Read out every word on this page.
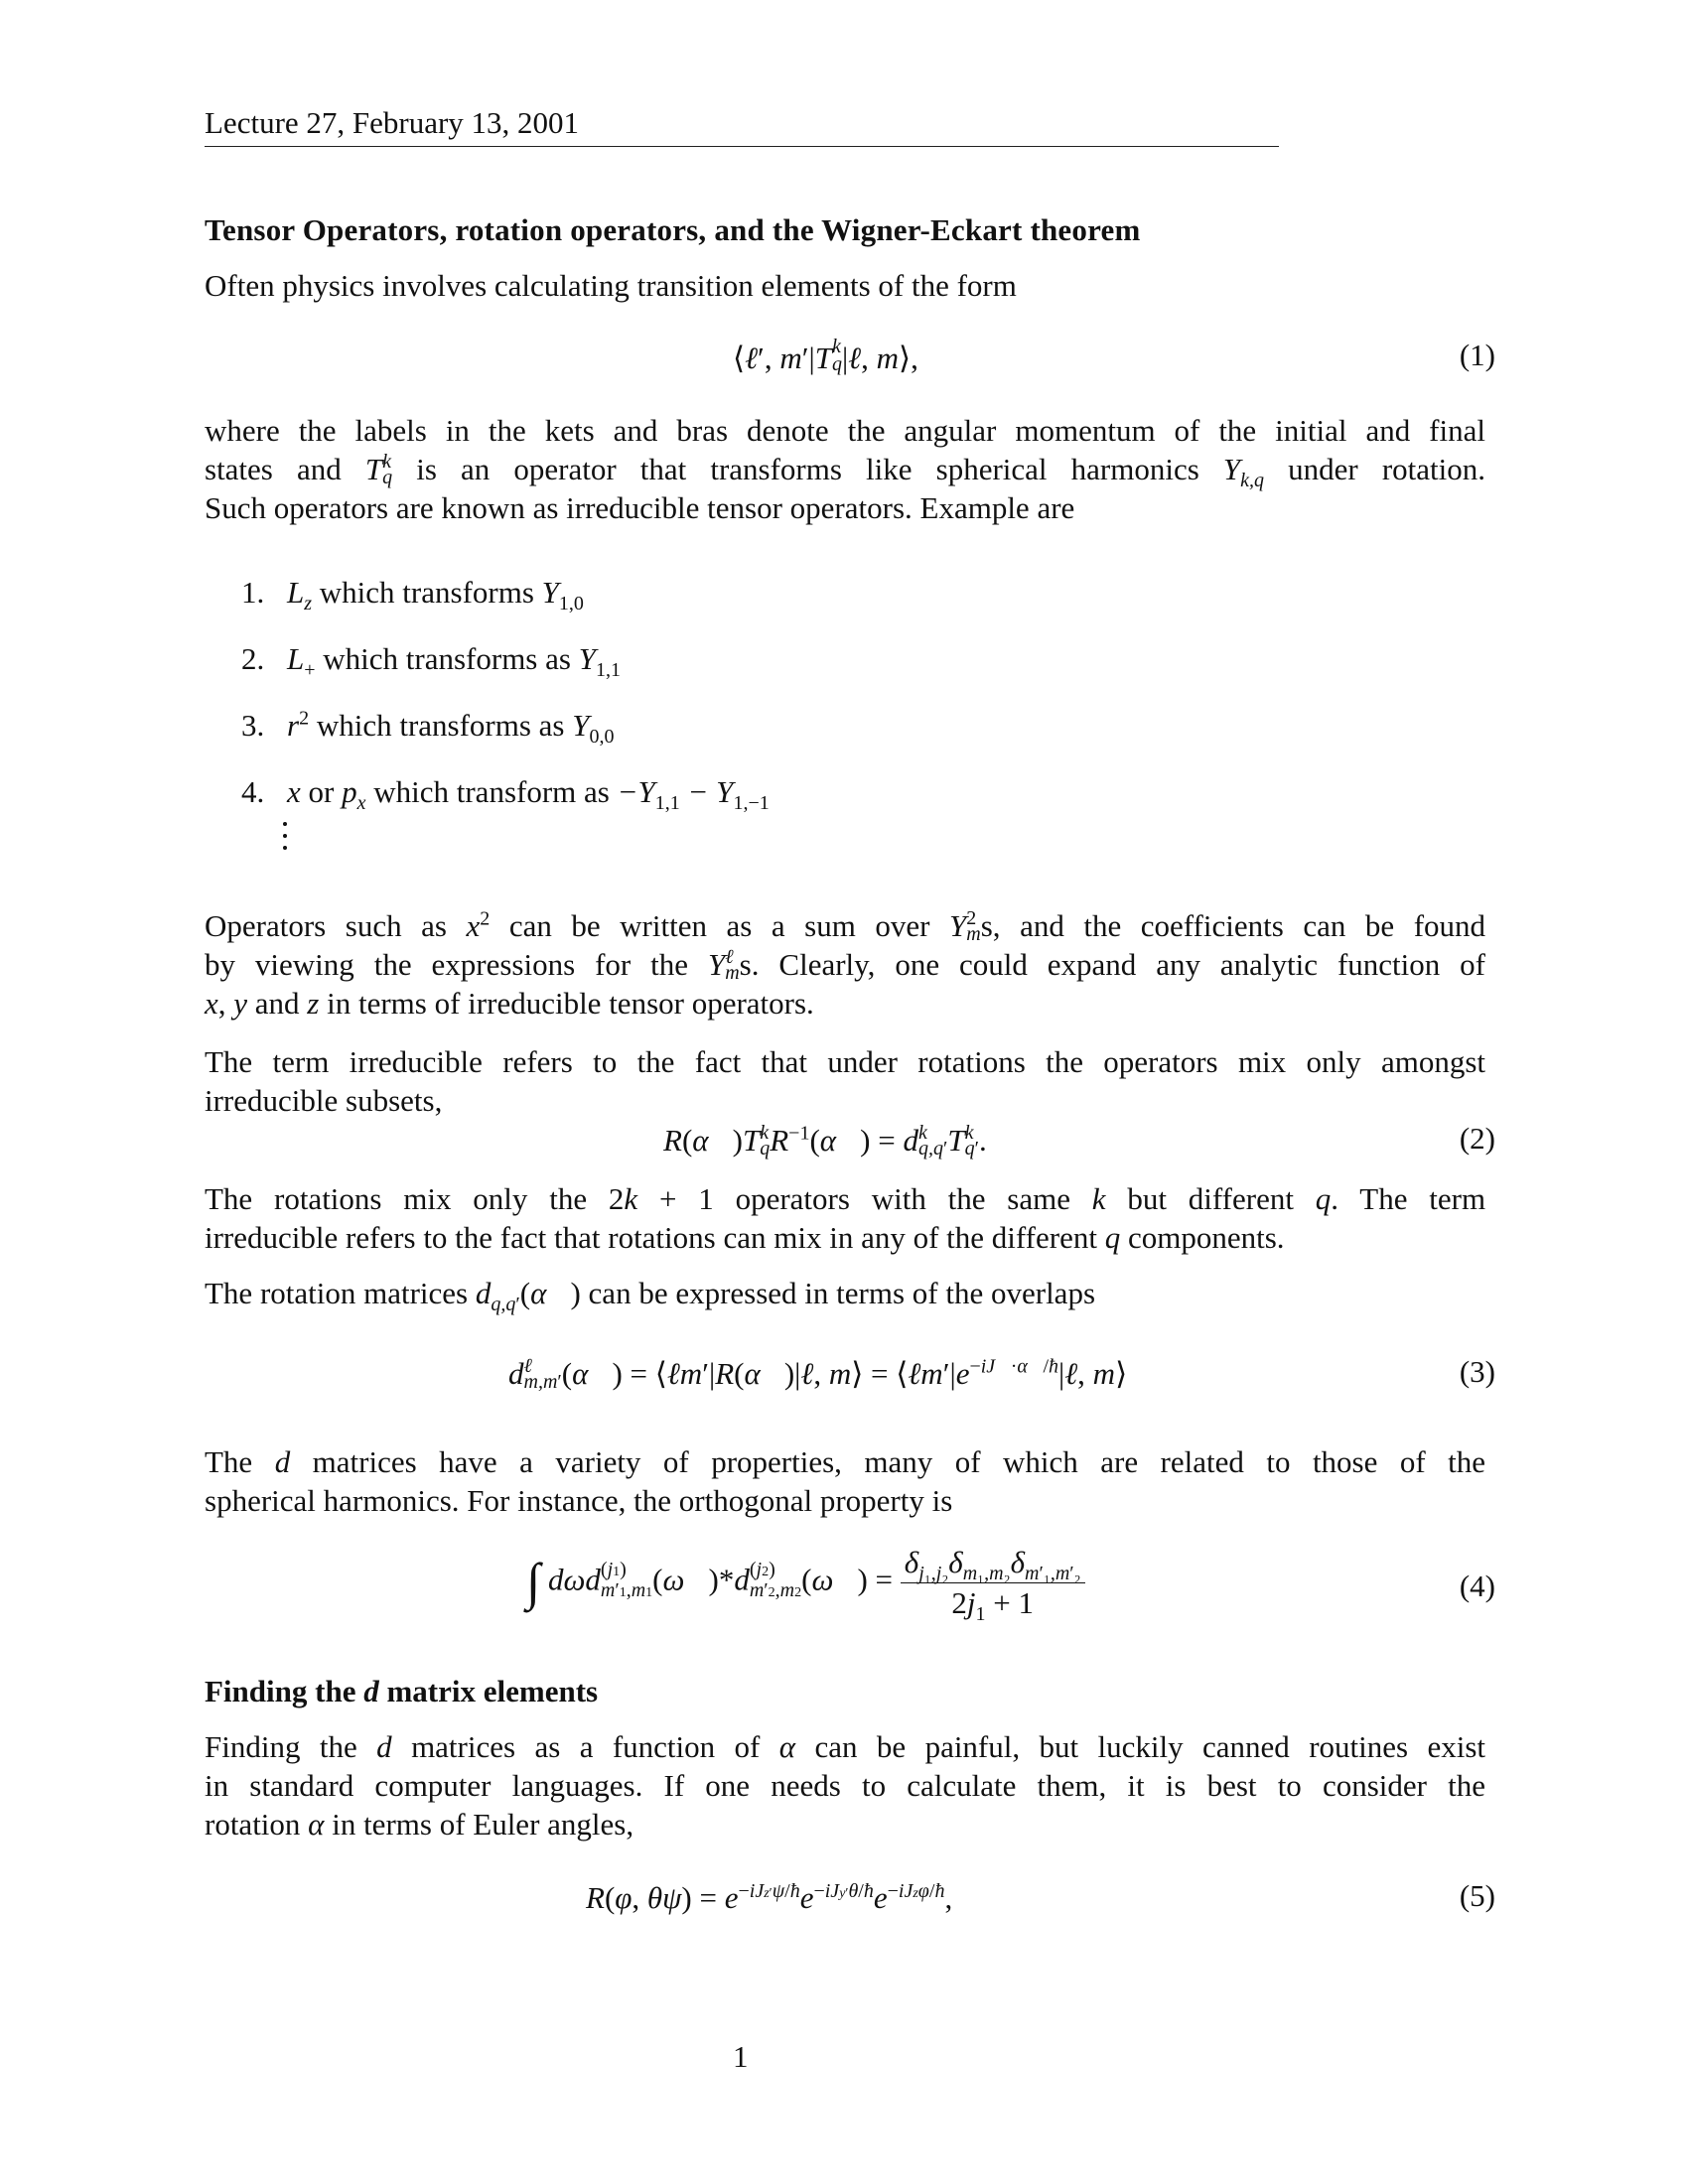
Lecture 27, February 13, 2001
Tensor Operators, rotation operators, and the Wigner-Eckart theorem
Often physics involves calculating transition elements of the form
⟨ℓ′, m′|T k
q |ℓ, m⟩,	(1)
where the labels in the kets and bras denote the angular momentum of the initial and final
states and T k
q is an operator that transforms like spherical harmonics $Y_{k,q}$ under rotation.
Such operators are known as irreducible tensor operators. Example are
1. $L_z$ which transforms $Y_{1,0}$
2. $L_+$ which transforms as $Y_{1,1}$
3. $r^2$ which transforms as $Y_{0,0}$
4. x or $p_x$ which transform as $-Y_{1,1} - Y_{1,-1}$
Operators such as $x^2$ can be written as a sum over Y 2
m s, and the coefficients can be found
by viewing the expressions for the Y ℓ
m s. Clearly, one could expand any analytic function of
x, y and z in terms of irreducible tensor operators.
The term irreducible refers to the fact that under rotations the operators mix only amongst
irreducible subsets,
R(α⃗)T k
q $R^{-1}(\alpha⃗) = d$ k
q,q′ T k
q′ .	(2)
The rotations mix only the 2k + 1 operators with the same k but different q. The term
irreducible refers to the fact that rotations can mix in any of the different q components.
The rotation matrices $d_{q,q'}(\alpha⃗)$ can be expressed in terms of the overlaps
d ℓ
m,m′ (α⃗) = ⟨ℓm′|R(α⃗)|ℓ, m⟩ = $⟨\ell m'|e^{-iJ⃗\cdot\alpha⃗/ħ}|\ell$, m⟩	(3)
The d matrices have a variety of properties, many of which are related to those of the
spherical harmonics. For instance, the orthogonal property is
∫ dωd (j1)
m′1,m1 (ω⃗)*d (j2)
m′2,m2 (ω⃗) = $\frac{\delta_{j_1,j_2}\delta_{m_1,m_2}\delta_{m'_1,m'_2}}{2j_1 + 1}$	(4)
Finding the d matrix elements
Finding the d matrices as a function of α can be painful, but luckily canned routines exist
in standard computer languages. If one needs to calculate them, it is best to consider the
rotation α in terms of Euler angles,
R(φ, $\theta\psi) = e^{-iJz'\psi/ħ}e^{-iJy'\theta/ħ}e^{-iJz\varphi/ħ}$,	(5)
1
